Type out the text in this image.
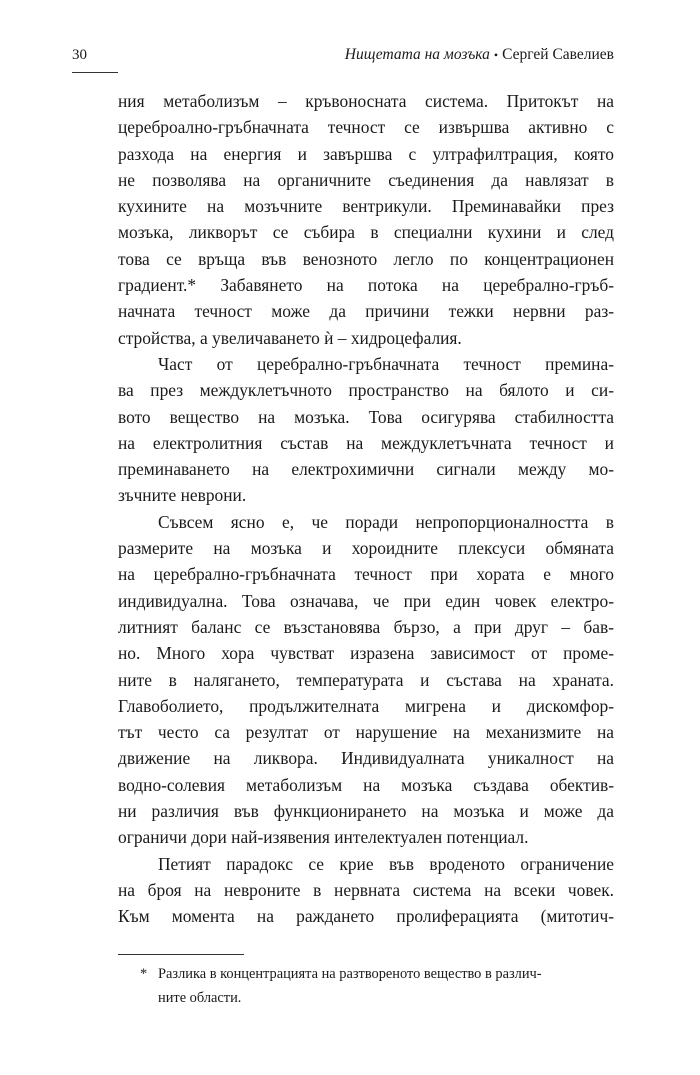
30	Нищетата на мозъка • Сергей Савелиев
ния метаболизъм – кръвоносната система. Притокът на
цереброално-гръбначната течност се извършва активно с
разхода на енергия и завършва с ултрафилтрация, която
не позволява на органичните съединения да навлязат в
кухините на мозъчните вентрикули. Преминавайки през
мозъка, ликворът се събира в специални кухини и след
това се връща във венозното легло по концентрационен
градиент.* Забавянето на потока на церебрално-гръб-
начната течност може да причини тежки нервни раз-
стройства, а увеличаването ѝ – хидроцефалия.
Част от церебрално-гръбначната течност премина-
ва през междуклетъчното пространство на бялото и си-
вото вещество на мозъка. Това осигурява стабилността
на електролитния състав на междуклетъчната течност и
преминаването на електрохимични сигнали между мо-
зъчните неврони.
Съвсем ясно е, че поради непропорционалността в
размерите на мозъка и хороидните плексуси обмяната
на церебрално-гръбначната течност при хората е много
индивидуална. Това означава, че при един човек електро-
литният баланс се възстановява бързо, а при друг – бав-
но. Много хора чувстват изразена зависимост от проме-
ните в налягането, температурата и състава на храната.
Главоболието, продължителната мигрена и дискомфор-
тът често са резултат от нарушение на механизмите на
движение на ликвора. Индивидуалната уникалност на
водно-солевия метаболизъм на мозъка създава обектив-
ни различия във функционирането на мозъка и може да
ограничи дори най-изявения интелектуален потенциал.
Петият парадокс се крие във вроденото ограничение
на броя на невроните в нервната система на всеки човек.
Към момента на раждането пролиферацията (митотич-
* Разлика в концентрацията на разтвореното вещество в различ-
ните области.
